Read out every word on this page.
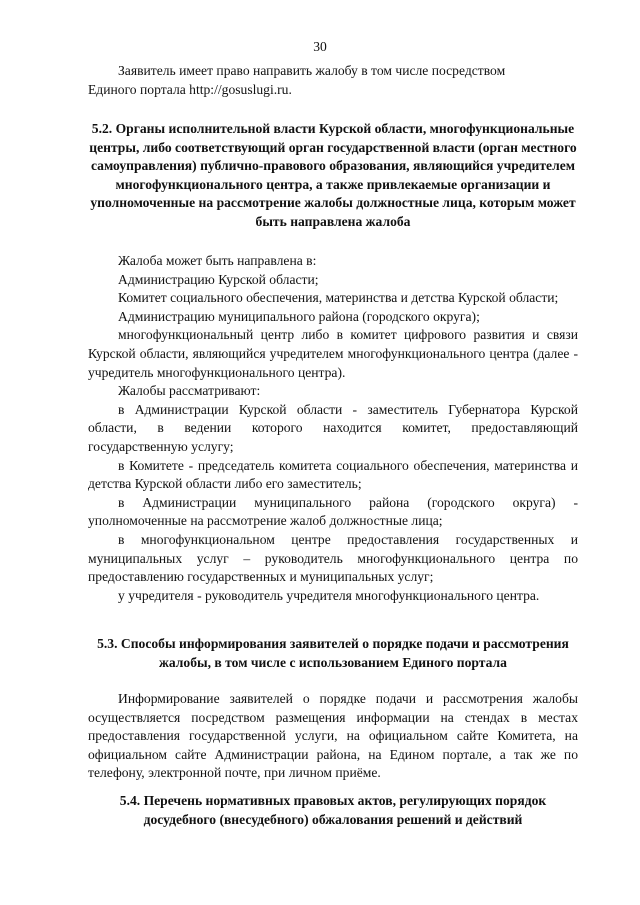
30
Заявитель имеет право направить жалобу в том числе посредством
Единого портала http://gosuslugi.ru.

5.2. Органы исполнительной власти Курской области, многофункциональные центры, либо соответствующий орган государственной власти (орган местного самоуправления) публично-правового образования, являющийся учредителем многофункционального центра, а также привлекаемые организации и уполномоченные на рассмотрение жалобы должностные лица, которым может быть направлена жалоба

Жалоба может быть направлена в:

Администрацию Курской области;

Комитет социального обеспечения, материнства и детства Курской области;

Администрацию муниципального района (городского округа);

многофункциональный центр либо в комитет цифрового развития и связи Курской области, являющийся учредителем многофункционального центра (далее - учредитель многофункционального центра).

Жалобы рассматривают:

в Администрации Курской области - заместитель Губернатора Курской области, в ведении которого находится комитет, предоставляющий государственную услугу;

в Комитете - председатель комитета социального обеспечения, материнства и детства Курской области либо его заместитель;

в Администрации муниципального района (городского округа) - уполномоченные на рассмотрение жалоб должностные лица;

в многофункциональном центре предоставления государственных и муниципальных услуг – руководитель многофункционального центра по предоставлению государственных и муниципальных услуг;

у учредителя - руководитель учредителя многофункционального центра.

5.3. Способы информирования заявителей о порядке подачи и рассмотрения жалобы, в том числе с использованием Единого портала

Информирование заявителей о порядке подачи и рассмотрения жалобы осуществляется посредством размещения информации на стендах в местах предоставления государственной услуги, на официальном сайте Комитета, на официальном сайте Администрации района, на Едином портале, а так же по телефону, электронной почте, при личном приёме.

5.4. Перечень нормативных правовых актов, регулирующих порядок досудебного (внесудебного) обжалования решений и действий
